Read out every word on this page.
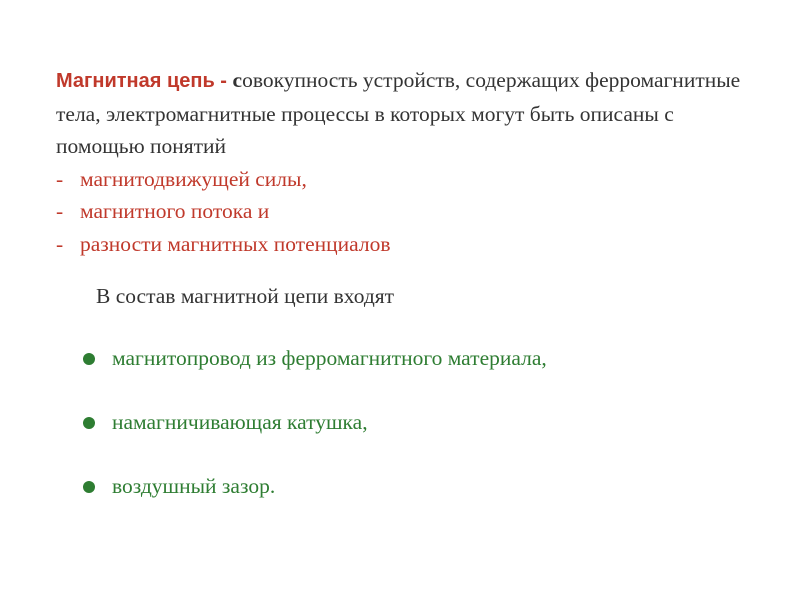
Магнитная цепь - совокупность устройств, содержащих ферромагнитные тела, электромагнитные процессы в которых могут быть описаны с помощью понятий
- магнитодвижущей силы,
- магнитного потока и
- разности магнитных потенциалов
В состав магнитной цепи входят
магнитопровод из ферромагнитного материала,
намагничивающая катушка,
воздушный зазор.
